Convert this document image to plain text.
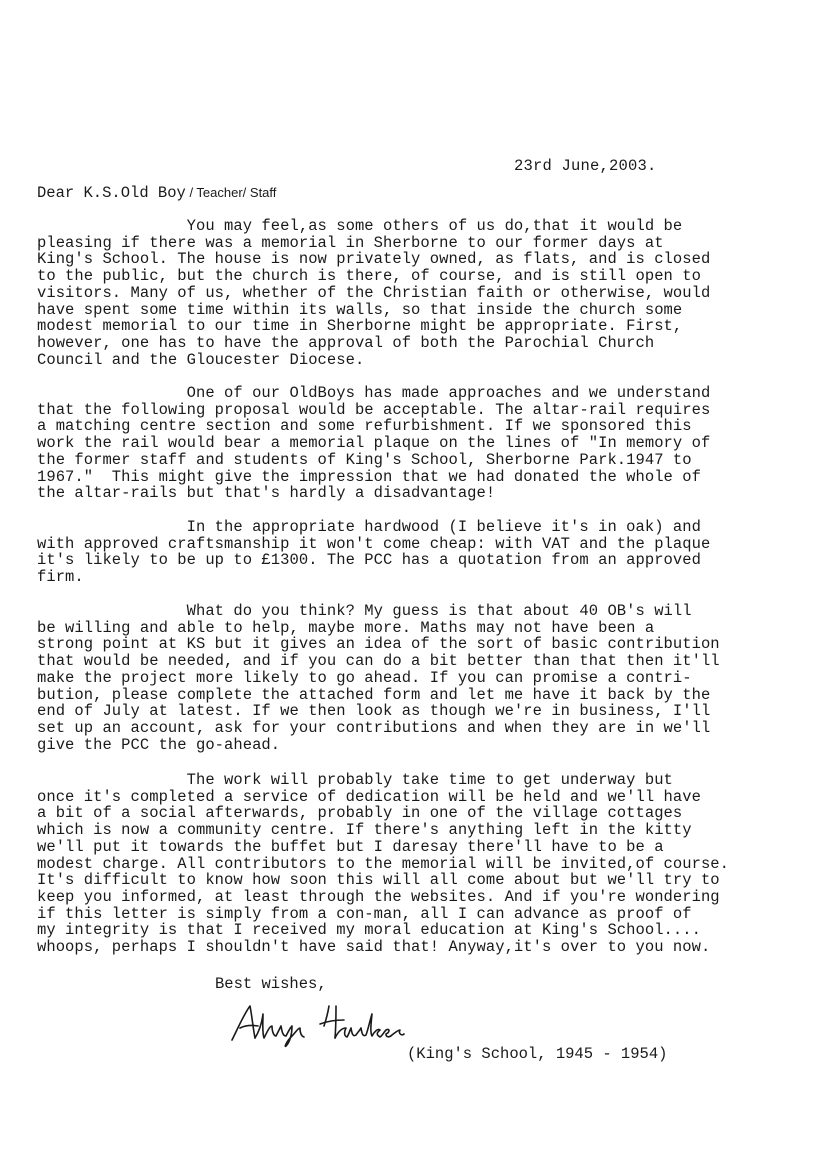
23rd June,2003.
Dear K.S.Old Boy / Teacher/ Staff
You may feel,as some others of us do,that it would be
pleasing if there was a memorial in Sherborne to our former days at
King's School. The house is now privately owned, as flats, and is closed
to the public, but the church is there, of course, and is still open to
visitors. Many of us, whether of the Christian faith or otherwise, would
have spent some time within its walls, so that inside the church some
modest memorial to our time in Sherborne might be appropriate. First,
however, one has to have the approval of both the Parochial Church
Council and the Gloucester Diocese.
One of our OldBoys has made approaches and we understand
that the following proposal would be acceptable. The altar-rail requires
a matching centre section and some refurbishment. If we sponsored this
work the rail would bear a memorial plaque on the lines of "In memory of
the former staff and students of King's School, Sherborne Park.1947 to
1967."  This might give the impression that we had donated the whole of
the altar-rails but that's hardly a disadvantage!
In the appropriate hardwood (I believe it's in oak) and
with approved craftsmanship it won't come cheap: with VAT and the plaque
it's likely to be up to £1300. The PCC has a quotation from an approved
firm.
What do you think? My guess is that about 40 OB's will
be willing and able to help, maybe more. Maths may not have been a
strong point at KS but it gives an idea of the sort of basic contribution
that would be needed, and if you can do a bit better than that then it'll
make the project more likely to go ahead. If you can promise a contri-
bution, please complete the attached form and let me have it back by the
end of July at latest. If we then look as though we're in business, I'll
set up an account, ask for your contributions and when they are in we'll
give the PCC the go-ahead.
The work will probably take time to get underway but
once it's completed a service of dedication will be held and we'll have
a bit of a social afterwards, probably in one of the village cottages
which is now a community centre. If there's anything left in the kitty
we'll put it towards the buffet but I daresay there'll have to be a
modest charge. All contributors to the memorial will be invited,of course.
It's difficult to know how soon this will all come about but we'll try to
keep you informed, at least through the websites. And if you're wondering
if this letter is simply from a con-man, all I can advance as proof of
my integrity is that I received my moral education at King's School....
whoops, perhaps I shouldn't have said that! Anyway,it's over to you now.
Best wishes,
(King's School, 1945 - 1954)
